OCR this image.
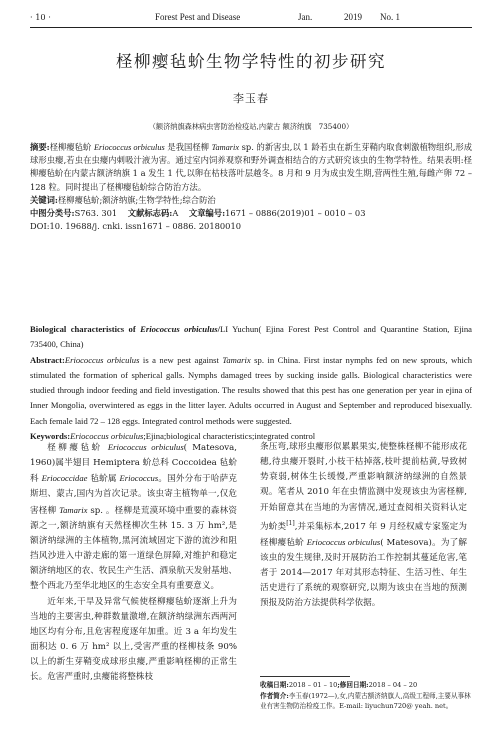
· 10 ·	Forest Pest and Disease	Jan.	2019 No. 1
柽柳瘿毡蚧生物学特性的初步研究
李玉春
（额济纳旗森林病虫害防治检疫站,内蒙古 额济纳旗　735400）

摘要:柽柳瘿毡蚧 Eriococcus orbiculus 是我国柽柳 Tamarix sp. 的新害虫,以 1 龄若虫在新生芽鞘内取食刺激植物组织,形成球形虫瘿,若虫在虫瘿内刺吸汁液为害。通过室内饲养观察和野外调查相结合的方式研究该虫的生物学特性。结果表明:柽柳瘿毡蚧在内蒙古额济纳旗 1 a 发生 1 代,以卵在枯枝落叶层越冬。8 月和 9 月为成虫发生期,营两性生殖,每雌产卵 72 – 128 粒。同时提出了柽柳瘿毡蚧综合防治方法。

关键词:柽柳瘿毡蚧;额济纳旗;生物学特性;综合防治

中图分类号:S763. 301 文献标志码:A 文章编号:1671 – 0886(2019)01 – 0010 – 03

DOI:10. 19688/j. cnki. issn1671 – 0886. 20180010

Biological characteristics of Eriococcus orbiculus/LI Yuchun( Ejina Forest Pest Control and Quarantine Station, Ejina 735400, China)

Abstract:Eriococcus orbiculus is a new pest against Tamarix sp. in China. First instar nymphs fed on new sprouts, which stimulated the formation of spherical galls. Nymphs damaged trees by sucking inside galls. Biological characteristics were studied through indoor feeding and field investigation. The results showed that this pest has one generation per year in ejina of Inner Mongolia, overwintered as eggs in the litter layer. Adults occurred in August and September and reproduced bisexually. Each female laid 72 – 128 eggs. Integrated control methods were suggested.

Keywords:Eriococcus orbiculus;Ejina;biological characteristics;integrated control

柽柳瘿毡蚧 Eriococcus orbiculus( Matesova, 1960)属半翅目 Hemiptera 蚧总科 Coccoidea 毡蚧科 Eriococcidae 毡蚧属 Eriococcus。国外分布于哈萨克斯坦、蒙古,国内为首次记录。该虫寄主植物单一,仅危害柽柳 Tamarix sp. 。柽柳是荒漠环境中重要的森林资源之一,额济纳旗有天然柽柳次生林 15. 3 万 hm²,是额济纳绿洲的主体植物,黑河流域固定下游的流沙和阻挡风沙进入中游走廊的第一道绿色屏障,对维护和稳定额济纳地区的农、牧民生产生活、酒泉航天发射基地、整个西北乃至华北地区的生态安全具有重要意义。

近年来,干旱及异常气候使柽柳瘿毡蚧逐渐上升为当地的主要害虫,种群数量激增,在额济纳绿洲东西两河地区均有分布,且危害程度逐年加重。近 3 a 年均发生面积达 0. 6 万 hm² 以上,受害严重的柽柳枝条 90% 以上的新生芽鞘变成球形虫瘿,严重影响柽柳的正常生长。危害严重时,虫瘿能将整株枝

条压弯,球形虫瘿形似累累果实,使整株柽柳不能形成花穗,待虫瘿开裂时,小枝干枯掉落,枝叶提前枯黄,导致树势衰弱,树体生长缓慢,严重影响额济纳绿洲的自然景观。笔者从 2010 年在虫情监测中发现该虫为害柽柳,开始留意其在当地的为害情况,通过查阅相关资料认定为蚧类[1],并采集标本,2017 年 9 月经权威专家鉴定为柽柳瘿毡蚧 Eriococcus orbiculus( Matesova)。为了解该虫的发生规律,及时开展防治工作控制其蔓延危害,笔者于 2014—2017 年对其形态特征、生活习性、年生活史进行了系统的观察研究,以期为该虫在当地的预测预报及防治方法提供科学依据。

收稿日期:2018 – 01 – 10;修回日期:2018 – 04 – 20

作者简介:李玉春(1972—),女,内蒙古额济纳旗人,高级工程师,主要从事林业有害生物防治检疫工作。E-mail: liyuchun720@ yeah. net。
